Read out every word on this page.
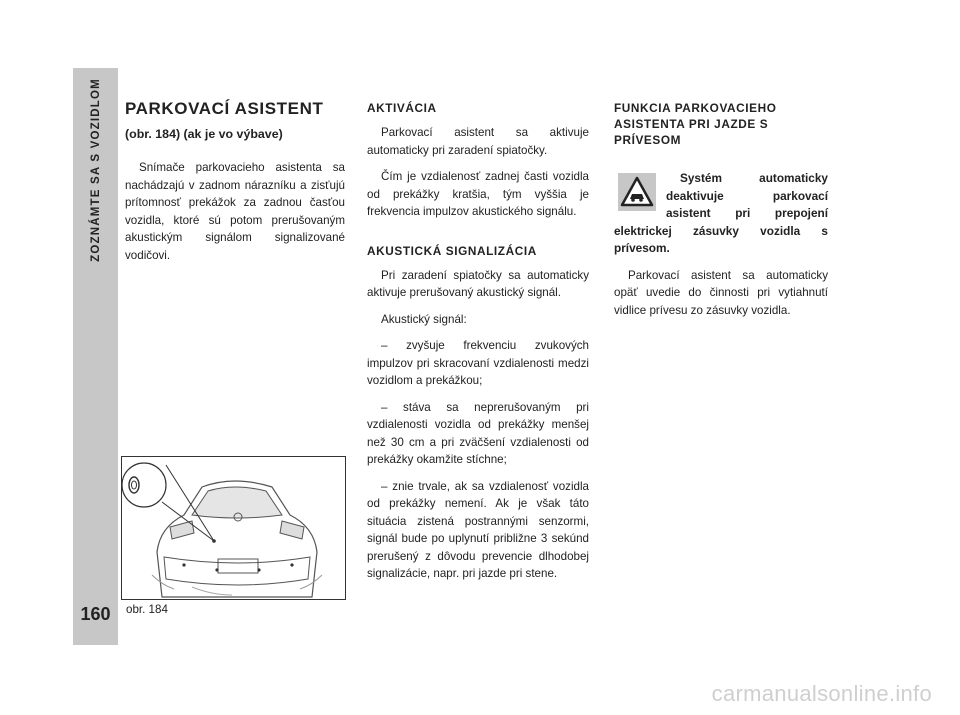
ZOZNÁMTE SA S VOZIDLOM
160
PARKOVACÍ ASISTENT
(obr. 184) (ak je vo výbave)

Snímače parkovacieho asistenta sa nachádzajú v zadnom nárazníku a zisťujú prítomnosť prekážok za zadnou časťou vozidla, ktoré sú potom prerušovaným akustickým signálom signalizované vodičovi.

obr. 184
AKTIVÁCIA

Parkovací asistent sa aktivuje automaticky pri zaradení spiatočky.

Čím je vzdialenosť zadnej časti vozidla od prekážky kratšia, tým vyššia je frekvencia impulzov akustického signálu.

AKUSTICKÁ SIGNALIZÁCIA

Pri zaradení spiatočky sa automaticky aktivuje prerušovaný akustický signál.

Akustický signál:

– zvyšuje frekvenciu zvukových impulzov pri skracovaní vzdialenosti medzi vozidlom a prekážkou;

– stáva sa neprerušovaným pri vzdialenosti vozidla od prekážky menšej než 30 cm a pri zväčšení vzdialenosti od prekážky okamžite stíchne;

– znie trvale, ak sa vzdialenosť vozidla od prekážky nemení. Ak je však táto situácia zistená postrannými senzormi, signál bude po uplynutí približne 3 sekúnd prerušený z dôvodu prevencie dlhodobej signalizácie, napr. pri jazde pri stene.

FUNKCIA PARKOVACIEHO
ASISTENTA PRI JAZDE S PRÍVESOM

Systém automaticky deaktivuje parkovací asistent pri prepojení elektrickej zásuvky vozidla s prívesom.

Parkovací asistent sa automaticky opäť uvedie do činnosti pri vytiahnutí vidlice prívesu zo zásuvky vozidla.

carmanualsonline.info
